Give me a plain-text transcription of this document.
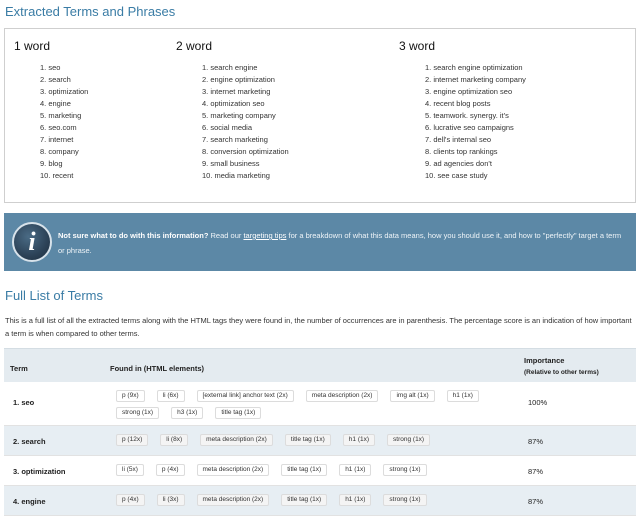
Extracted Terms and Phrases
1 word
1. seo
2. search
3. optimization
4. engine
5. marketing
6. seo.com
7. internet
8. company
9. blog
10. recent
2 word
1. search engine
2. engine optimization
3. internet marketing
4. optimization seo
5. marketing company
6. social media
7. search marketing
8. conversion optimization
9. small business
10. media marketing
3 word
1. search engine optimization
2. internet marketing company
3. engine optimization seo
4. recent blog posts
5. teamwork. synergy. it's
6. lucrative seo campaigns
7. dell's internal seo
8. clients top rankings
9. ad agencies don't
10. see case study
i	Not sure what to do with this information? Read our targeting tips for a breakdown of what this data means, how you should use it, and how to "perfectly" target a term or phrase.
Full List of Terms
This is a full list of all the extracted terms along with the HTML tags they were found in, the number of occurrences are in parenthesis. The percentage score is an indication of how important a term is when compared to other terms.
Term	Found in (HTML elements)
Importance
(Relative to other terms)
1. seo
p (9x)	li (6x)	[external link] anchor text (2x)	meta description (2x)	img alt (1x)	h1 (1x)
strong (1x)	h3 (1x)	title tag (1x)
100%
2. search	p (12x)	li (8x)	meta description (2x)	title tag (1x)	h1 (1x)	strong (1x)	87%
3. optimization	li (5x)	p (4x)	meta description (2x)	title tag (1x)	h1 (1x)	strong (1x)	87%
4. engine	p (4x)	li (3x)	meta description (2x)	title tag (1x)	h1 (1x)	strong (1x)	87%
